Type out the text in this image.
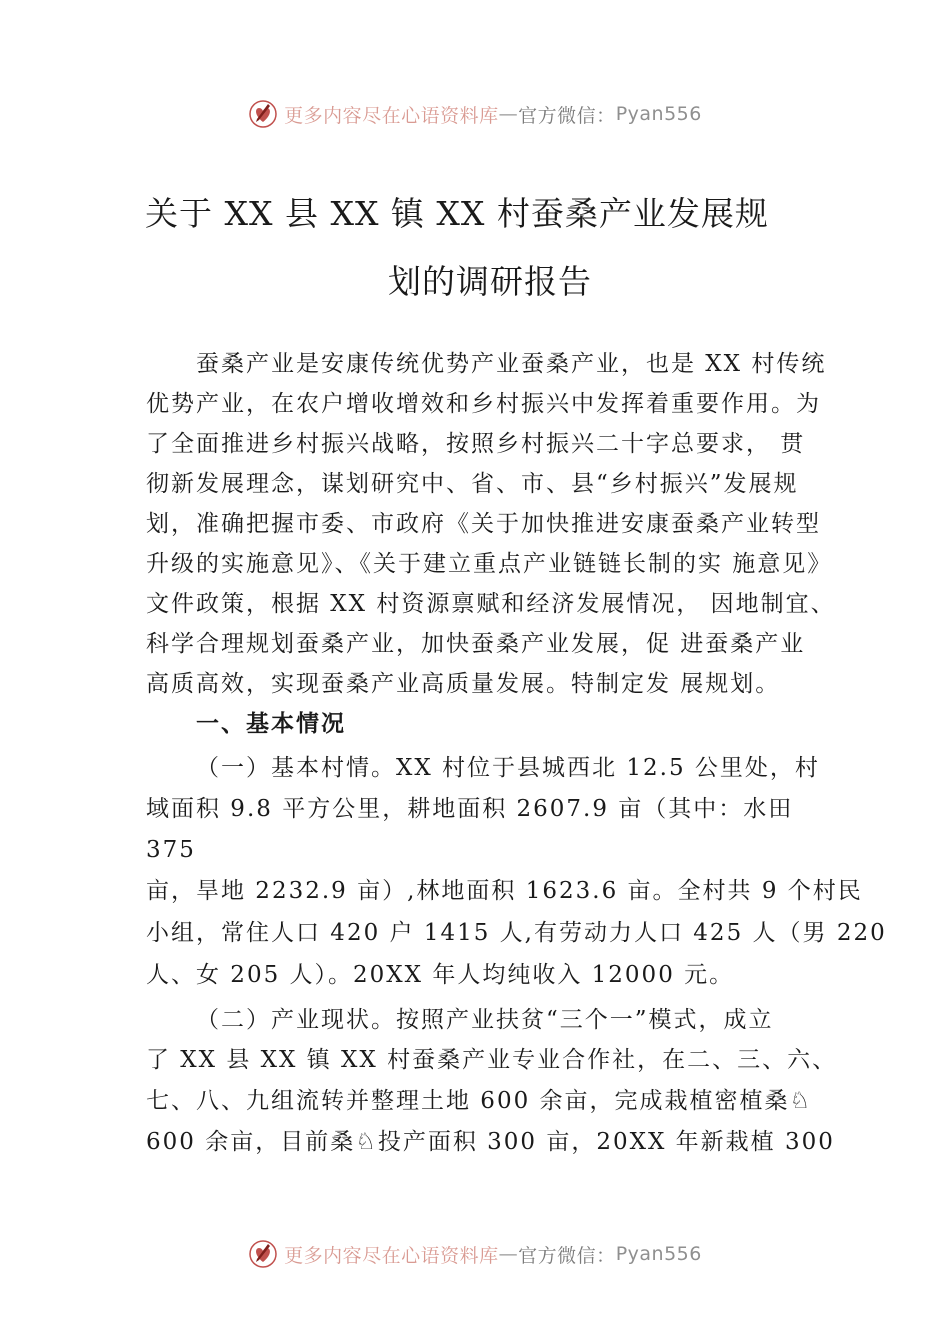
更多内容尽在心语资料库 — 官方微信： Pyan556
关于 XX 县 XX 镇 XX 村蚕桑产业发展规
划的调研报告
蚕桑产业是安康传统优势产业蚕桑产业，也是 XX 村传统
优势产业，在农户增收增效和乡村振兴中发挥着重要作用。为
了全面推进乡村振兴战略，按照乡村振兴二十字总要求， 贯
彻新发展理念，谋划研究中、省、市、县“乡村振兴”发展规
划，准确把握市委、市政府《关于加快推进安康蚕桑产业转型
升级的实施意见》、《关于建立重点产业链链长制的实 施意见》
文件政策，根据 XX 村资源禀赋和经济发展情况， 因地制宜、
科学合理规划蚕桑产业，加快蚕桑产业发展，促 进蚕桑产业
高质高效，实现蚕桑产业高质量发展。特制定发 展规划。
一、基本情况
（一）基本村情。XX 村位于县城西北 12.5 公里处，村
域面积 9.8 平方公里，耕地面积 2607.9 亩（其中：水田
375
亩，旱地 2232.9 亩）,林地面积 1623.6 亩。全村共 9 个村民
小组，常住人口 420 户 1415 人,有劳动力人口 425 人（男 220
人、女 205 人）。20XX 年人均纯收入 12000 元。
（二）产业现状。按照产业扶贫“三个一”模式，成立
了 XX 县 XX 镇 XX 村蚕桑产业专业合作社，在二、三、六、
七、八、九组流转并整理土地 600 余亩，完成栽植密植桑♘
600 余亩，目前桑♘投产面积 300 亩，20XX 年新栽植 300
更多内容尽在心语资料库 — 官方微信： Pyan556
